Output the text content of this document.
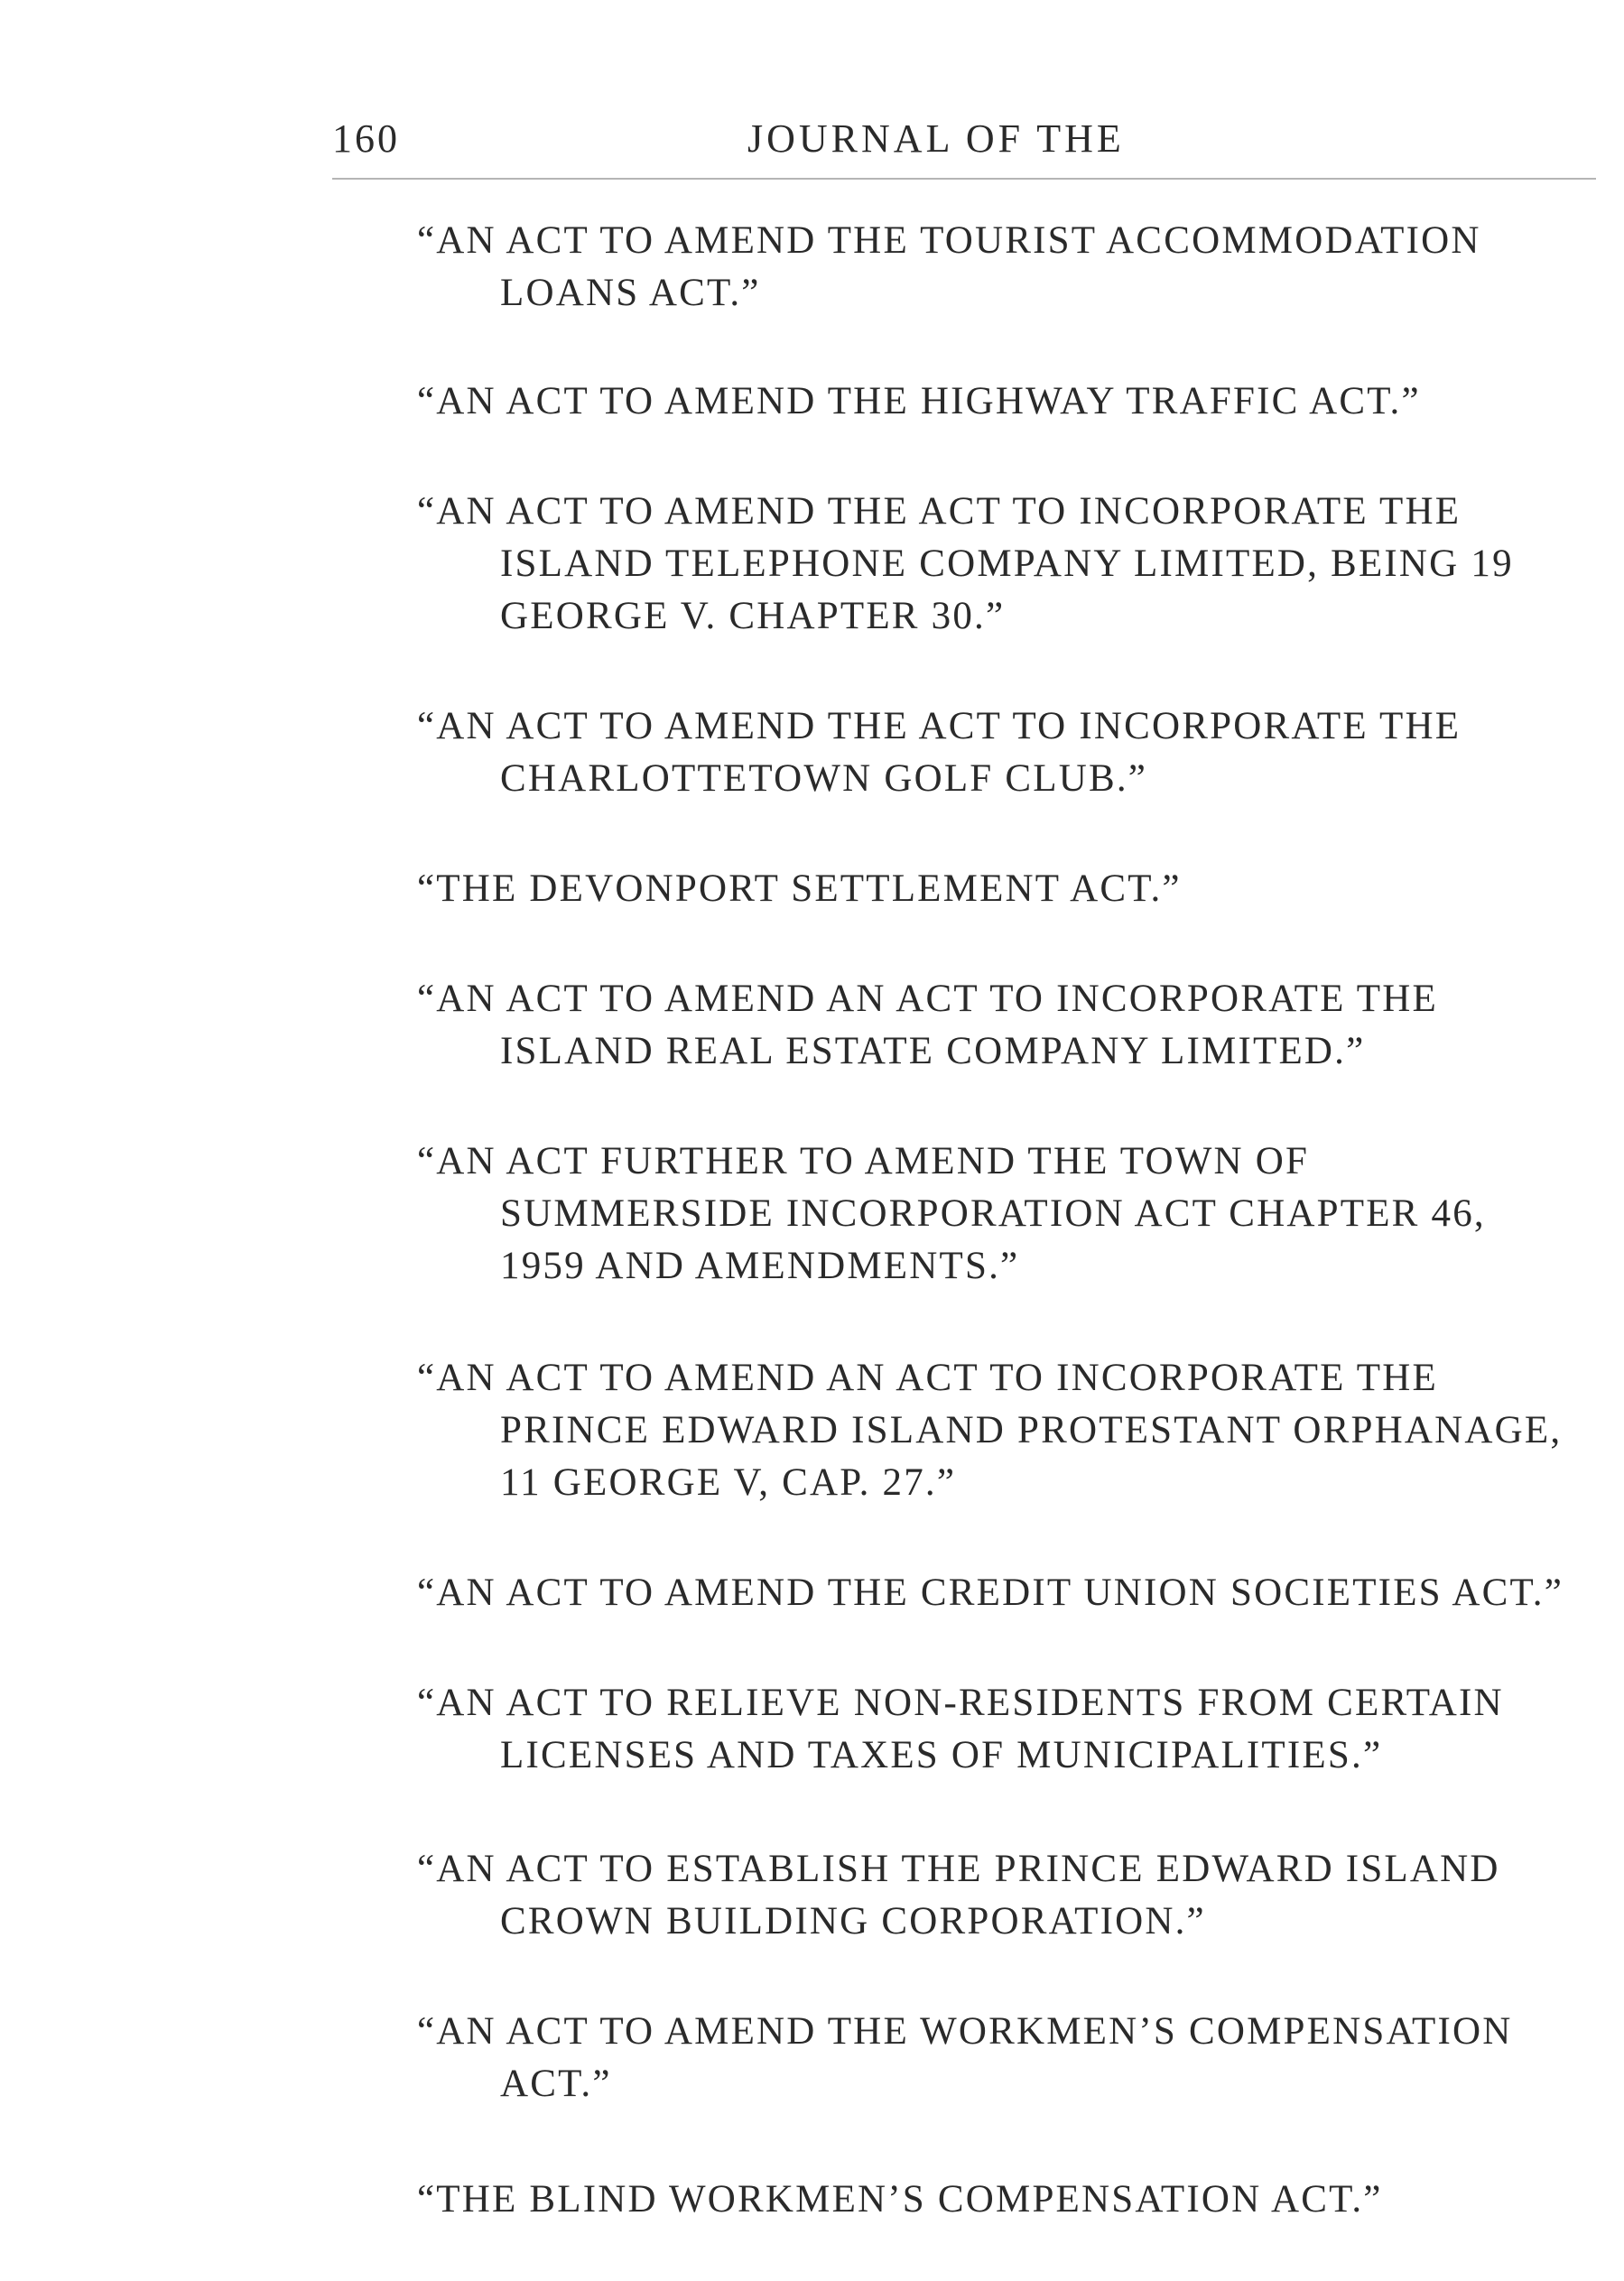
160	JOURNAL OF THE
“AN ACT TO AMEND THE TOURIST ACCOMMODATION LOANS ACT.”
“AN ACT TO AMEND THE HIGHWAY TRAFFIC ACT.”
“AN ACT TO AMEND THE ACT TO INCORPORATE THE ISLAND TELEPHONE COMPANY LIMITED, BEING 19 GEORGE V. CHAPTER 30.”
“AN ACT TO AMEND THE ACT TO INCORPORATE THE CHARLOTTETOWN GOLF CLUB.”
“THE DEVONPORT SETTLEMENT ACT.”
“AN ACT TO AMEND AN ACT TO INCORPORATE THE ISLAND REAL ESTATE COMPANY LIMITED.”
“AN ACT FURTHER TO AMEND THE TOWN OF SUMMERSIDE INCORPORATION ACT CHAPTER 46, 1959 AND AMENDMENTS.”
“AN ACT TO AMEND AN ACT TO INCORPORATE THE PRINCE EDWARD ISLAND PROTESTANT ORPHANAGE, 11 GEORGE V, CAP. 27.”
“AN ACT TO AMEND THE CREDIT UNION SOCIETIES ACT.”
“AN ACT TO RELIEVE NON-RESIDENTS FROM CERTAIN LICENSES AND TAXES OF MUNICIPALITIES.”
“AN ACT TO ESTABLISH THE PRINCE EDWARD ISLAND CROWN BUILDING CORPORATION.”
“AN ACT TO AMEND THE WORKMEN’S COMPENSATION ACT.”
“THE BLIND WORKMEN’S COMPENSATION ACT.”
